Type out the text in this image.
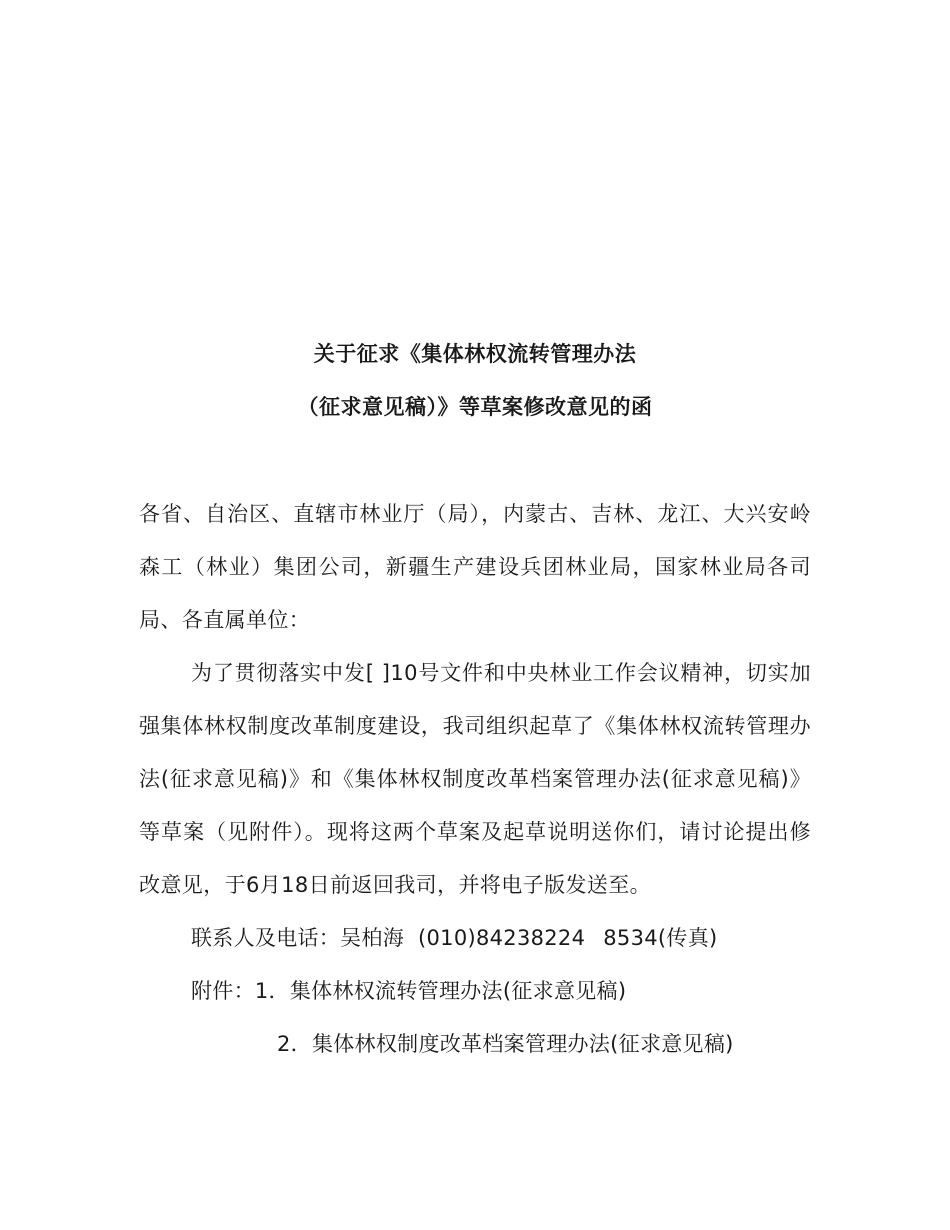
关于征求《集体林权流转管理办法
（征求意见稿）》等草案修改意见的函
各省、自治区、直辖市林业厅（局），内蒙古、吉林、龙江、大兴安岭森工（林业）集团公司，新疆生产建设兵团林业局，国家林业局各司局、各直属单位：
为了贯彻落实中发[ ]10号文件和中央林业工作会议精神，切实加强集体林权制度改革制度建设，我司组织起草了《集体林权流转管理办法(征求意见稿)》和《集体林权制度改革档案管理办法(征求意见稿)》等草案（见附件）。现将这两个草案及起草说明送你们，请讨论提出修改意见，于6月18日前返回我司，并将电子版发送至。
联系人及电话：吴柏海 (010)84238224 8534(传真)
附件：1．集体林权流转管理办法(征求意见稿)
2．集体林权制度改革档案管理办法(征求意见稿)
